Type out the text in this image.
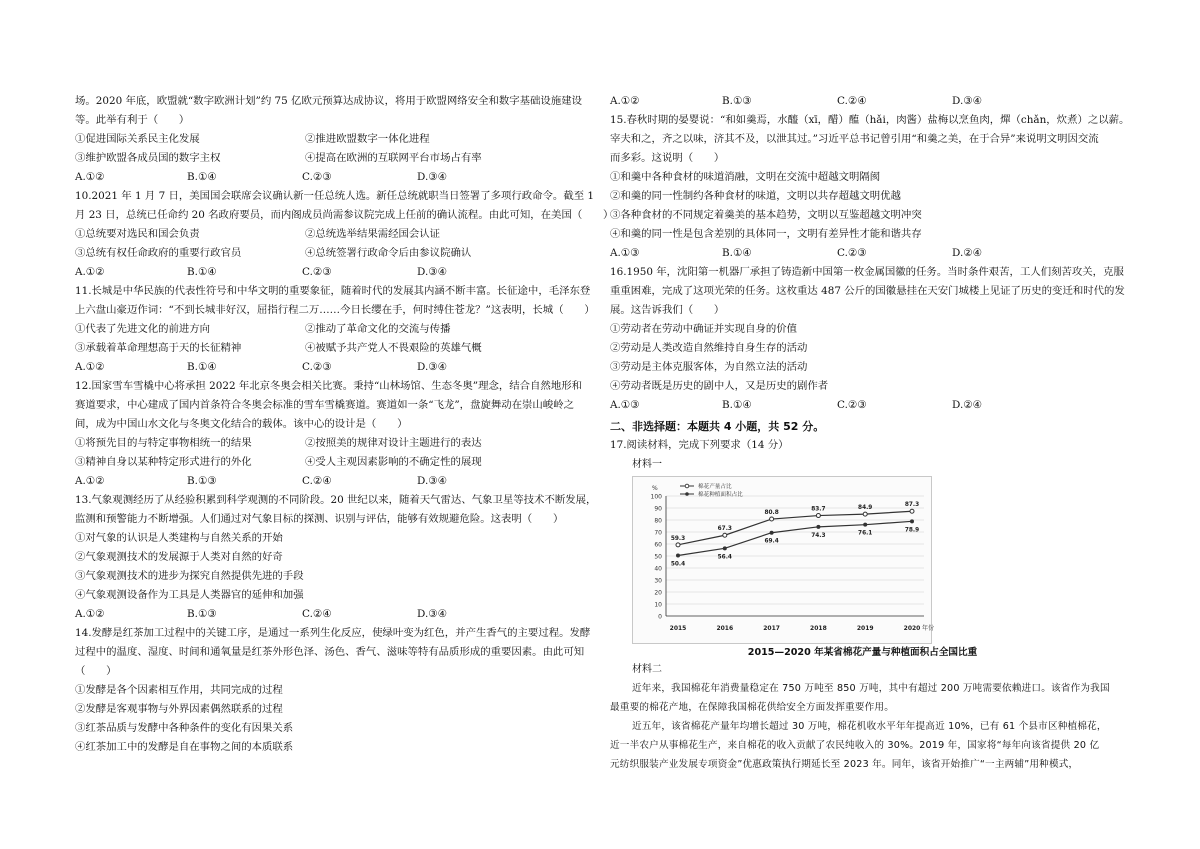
场。2020 年底，欧盟就“数字欧洲计划”约 75 亿欧元预算达成协议，将用于欧盟网络安全和数字基础设施建设
等。此举有利于（　　）
①促进国际关系民主化发展	②推进欧盟数字一体化进程
③维护欧盟各成员国的数字主权	④提高在欧洲的互联网平台市场占有率
A.①②	B.①④	C.②③	D.③④
10.2021 年 1 月 7 日，美国国会联席会议确认新一任总统人选。新任总统就职当日签署了多项行政命令。截至 1
月 23 日，总统已任命约 20 名政府要员，而内阁成员尚需参议院完成上任前的确认流程。由此可知，在美国（　　）
①总统要对选民和国会负责	②总统选举结果需经国会认证
③总统有权任命政府的重要行政官员	④总统签署行政命令后由参议院确认
A.①②	B.①④	C.②③	D.③④
11.长城是中华民族的代表性符号和中华文明的重要象征，随着时代的发展其内涵不断丰富。长征途中，毛泽东登
上六盘山豪迈作词：“不到长城非好汉，屈指行程二万……今日长缨在手，何时缚住苍龙？”这表明，长城（　　）
①代表了先进文化的前进方向	②推动了革命文化的交流与传播
③承载着革命理想高于天的长征精神	④被赋予共产党人不畏艰险的英雄气概
A.①②	B.①④	C.②③	D.③④
12.国家雪车雪橇中心将承担 2022 年北京冬奥会相关比赛。秉持“山林场馆、生态冬奥”理念，结合自然地形和
赛道要求，中心建成了国内首条符合冬奥会标准的雪车雪橇赛道。赛道如一条“飞龙”，盘旋舞动在崇山峻岭之
间，成为中国山水文化与冬奥文化结合的载体。该中心的设计是（　　）
①将预先目的与特定事物相统一的结果	②按照美的规律对设计主题进行的表达
③精神自身以某种特定形式进行的外化	④受人主观因素影响的不确定性的展现
A.①②	B.①③	C.②④	D.③④
13.气象观测经历了从经验积累到科学观测的不同阶段。20 世纪以来，随着天气雷达、气象卫星等技术不断发展，
监测和预警能力不断增强。人们通过对气象目标的探测、识别与评估，能够有效规避危险。这表明（　　）
①对气象的认识是人类建构与自然关系的开始
②气象观测技术的发展源于人类对自然的好奇
③气象观测技术的进步为探究自然提供先进的手段
④气象观测设备作为工具是人类器官的延伸和加强
A.①②	B.①③	C.②④	D.③④
14.发酵是红茶加工过程中的关键工序，是通过一系列生化反应，使绿叶变为红色，并产生香气的主要过程。发酵
过程中的温度、湿度、时间和通氧量是红茶外形色泽、汤色、香气、滋味等特有品质形成的重要因素。由此可知
（　　）
①发酵是各个因素相互作用，共同完成的过程
②发酵是客观事物与外界因素偶然联系的过程
③红茶品质与发酵中各种条件的变化有因果关系
④红茶加工中的发酵是自在事物之间的本质联系
A.①②	B.①③	C.②④	D.③④
15.春秋时期的晏婴说：“和如羹焉，水醯（xī，醋）醢（hǎi，肉酱）盐梅以烹鱼肉，燀（chǎn，炊煮）之以薪。
宰夫和之，齐之以味，济其不及，以泄其过。”习近平总书记曾引用“和羹之美，在于合异”来说明文明因交流
而多彩。这说明（　　）
①和羹中各种食材的味道消融，文明在交流中超越文明隔阂
②和羹的同一性制约各种食材的味道，文明以共存超越文明优越
③各种食材的不同规定着羹美的基本趋势，文明以互鉴超越文明冲突
④和羹的同一性是包含差别的具体同一，文明有差异性才能和谐共存
A.①③	B.①④	C.②③	D.②④
16.1950 年，沈阳第一机器厂承担了铸造新中国第一枚金属国徽的任务。当时条件艰苦，工人们刻苦攻关，克服
重重困难，完成了这项光荣的任务。这枚重达 487 公斤的国徽悬挂在天安门城楼上见证了历史的变迁和时代的发
展。这告诉我们（　　）
①劳动者在劳动中确证并实现自身的价值
②劳动是人类改造自然维持自身生存的活动
③劳动是主体克服客体，为自然立法的活动
④劳动者既是历史的剧中人，又是历史的剧作者
A.①③	B.①④	C.②③	D.②④
二、非选择题：本题共 4 小题，共 52 分。
17.阅读材料，完成下列要求（14 分）
材料一
0
10
20
30
40
50
60
70
80
90
100
%
年份
2015	2016	2017	2018	2019	2020
59.3
67.3
80.8
83.7	84.9	87.3
50.4
56.4
69.4
74.3	76.1
78.9
棉花产量占比
棉花种植面积占比
2015—2020 年某省棉花产量与种植面积占全国比重
材料二
近年来，我国棉花年消费量稳定在 750 万吨至 850 万吨，其中有超过 200 万吨需要依赖进口。该省作为我国
最重要的棉花产地，在保障我国棉花供给安全方面发挥重要作用。
近五年，该省棉花产量年均增长超过 30 万吨，棉花机收水平年年提高近 10%，已有 61 个县市区种植棉花，
近一半农户从事棉花生产，来自棉花的收入贡献了农民纯收入的 30%。2019 年，国家将“每年向该省提供 20 亿
元纺织服装产业发展专项资金”优惠政策执行期延长至 2023 年。同年，该省开始推广“一主两辅”用种模式，
